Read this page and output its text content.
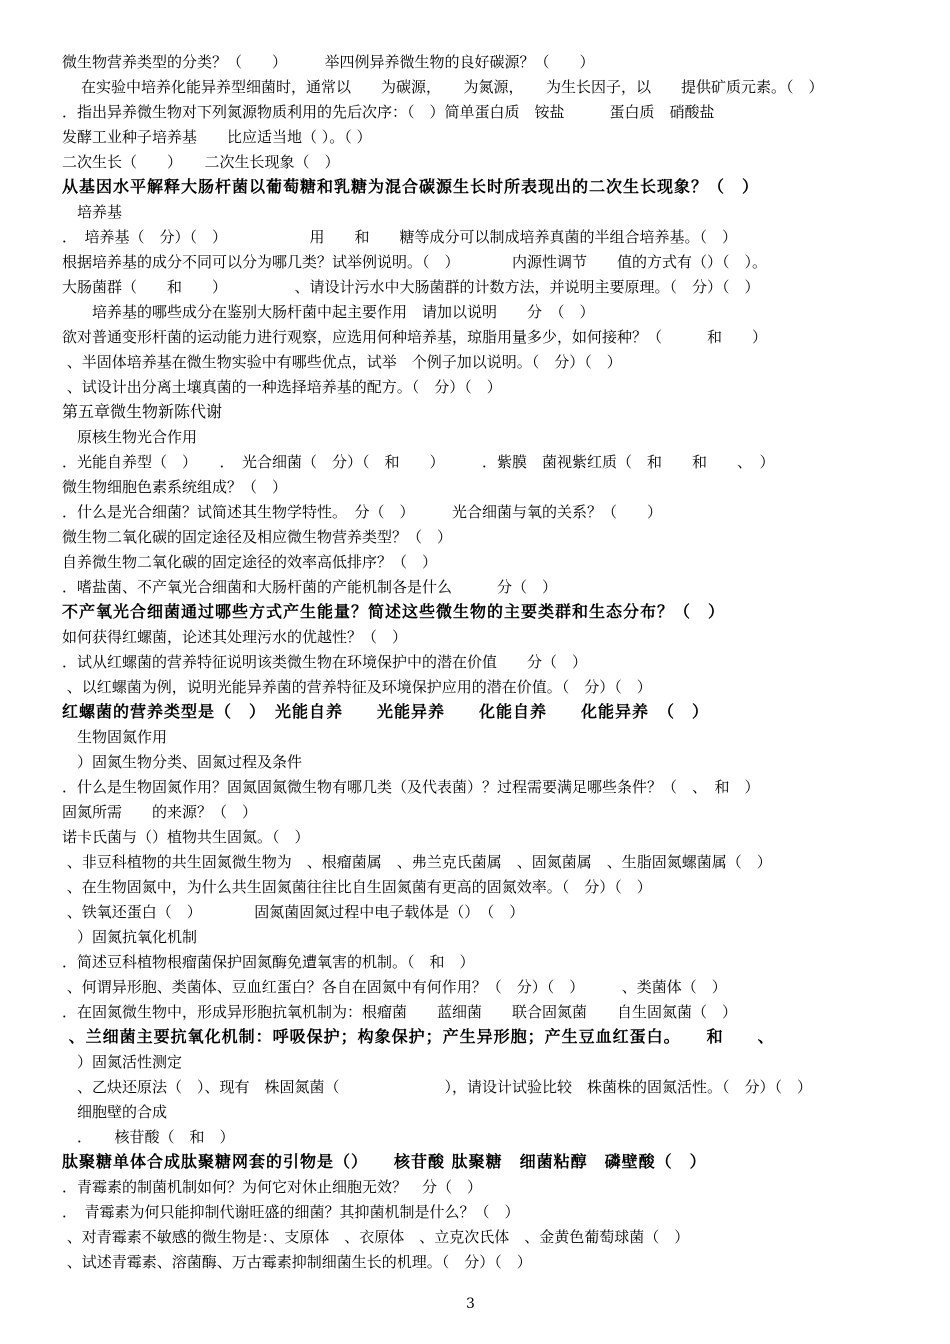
微生物营养类型的分类？（　　）　　　举四例异养微生物的良好碳源？（　　）
　在实验中培养化能异养型细菌时，通常以　　为碳源，　　为氮源，　　为生长因子，以　　提供矿质元素。（　）
．指出异养微生物对下列氮源物质利用的先后次序：（　）简单蛋白质　铵盐　　　蛋白质　硝酸盐
发酵工业种子培养基　　比应适当地（ ）。（ ）
二次生长（　　）　　二次生长现象（　）
从基因水平解释大肠杆菌以葡萄糖和乳糖为混合碳源生长时所表现出的二次生长现象？（　）
　培养基
．　培养基（　分）（　）　　　　　　用　　和　　糖等成分可以制成培养真菌的半组合培养基。（　）
根据培养基的成分不同可以分为哪几类？试举例说明。（　）　　　　内源性调节　　值的方式有（）（　）。
大肠菌群（　　和　　）　　　　　、请设计污水中大肠菌群的计数方法，并说明主要原理。（　分）（　）
　　培养基的哪些成分在鉴别大肠杆菌中起主要作用　请加以说明　　分　（　）
欲对普通变形杆菌的运动能力进行观察，应选用何种培养基，琼脂用量多少，如何接种？（　　　和　　）
、半固体培养基在微生物实验中有哪些优点，试举　个例子加以说明。（　分）（　）
、试设计出分离土壤真菌的一种选择培养基的配方。（　分）（　）
第五章微生物新陈代谢
　原核生物光合作用
．光能自养型（　）　　．　光合细菌（　分）（　和　　）　　　．紫膜　菌视紫红质（　和　　和　　、　）
微生物细胞色素系统组成？（　）
．什么是光合细菌？试简述其生物学特性。　分（　）　　　光合细菌与氧的关系？（　　）
微生物二氧化碳的固定途径及相应微生物营养类型？（　）
自养微生物二氧化碳的固定途径的效率高低排序？（　）
．嗜盐菌、不产氧光合细菌和大肠杆菌的产能机制各是什么　　　分（　）
不产氧光合细菌通过哪些方式产生能量？简述这些微生物的主要类群和生态分布？（　）
如何获得红螺菌，论述其处理污水的优越性？（　）
．试从红螺菌的营养特征说明该类微生物在环境保护中的潜在价值　　分（　）
、以红螺菌为例，说明光能异养菌的营养特征及环境保护应用的潜在价值。（　分）（　）
红螺菌的营养类型是（　）　光能自养　　光能异养　　化能自养　　化能异养　（　）
　生物固氮作用
　）固氮生物分类、固氮过程及条件
．什么是生物固氮作用？固氮固氮微生物有哪几类（及代表菌）？过程需要满足哪些条件？（　、　和　）
固氮所需　　的来源？（　）
诺卡氏菌与（）植物共生固氮。（　）
、非豆科植物的共生固氮微生物为　、根瘤菌属　、弗兰克氏菌属　、固氮菌属　、生脂固氮螺菌属（　）
、在生物固氮中，为什么共生固氮菌往往比自生固氮菌有更高的固氮效率。（　分）（　）
、铁氧还蛋白（　）　　　　固氮菌固氮过程中电子载体是（）　（　）
　）固氮抗氧化机制
．简述豆科植物根瘤菌保护固氮酶免遭氧害的机制。（　和　）
、何谓异形胞、类菌体、豆血红蛋白？各自在固氮中有何作用？（　分）（　）　　　、类菌体（　）
．在固氮微生物中，形成异形胞抗氧机制为：根瘤菌　　蓝细菌　　联合固氮菌　　自生固氮菌（　）
、兰细菌主要抗氧化机制：呼吸保护；构象保护；产生异形胞；产生豆血红蛋白。　　和　　、
　）固氮活性测定
　、乙炔还原法（　）、现有　株固氮菌（　　　　　　　），请设计试验比较　株菌株的固氮活性。（　分）（　）
　细胞壁的合成
　．　　核苷酸（　和　）
肽聚糖单体合成肽聚糖网套的引物是（）　　核苷酸 肽聚糖　细菌粘醇　磷壁酸（　）
．青霉素的制菌机制如何？为何它对休止细胞无效？　分（　）
．　青霉素为何只能抑制代谢旺盛的细菌？其抑菌机制是什么？（　）
、对青霉素不敏感的微生物是：、支原体　、衣原体　、立克次氏体　、金黄色葡萄球菌（　）
、试述青霉素、溶菌酶、万古霉素抑制细菌生长的机理。（　分）（　）
3
